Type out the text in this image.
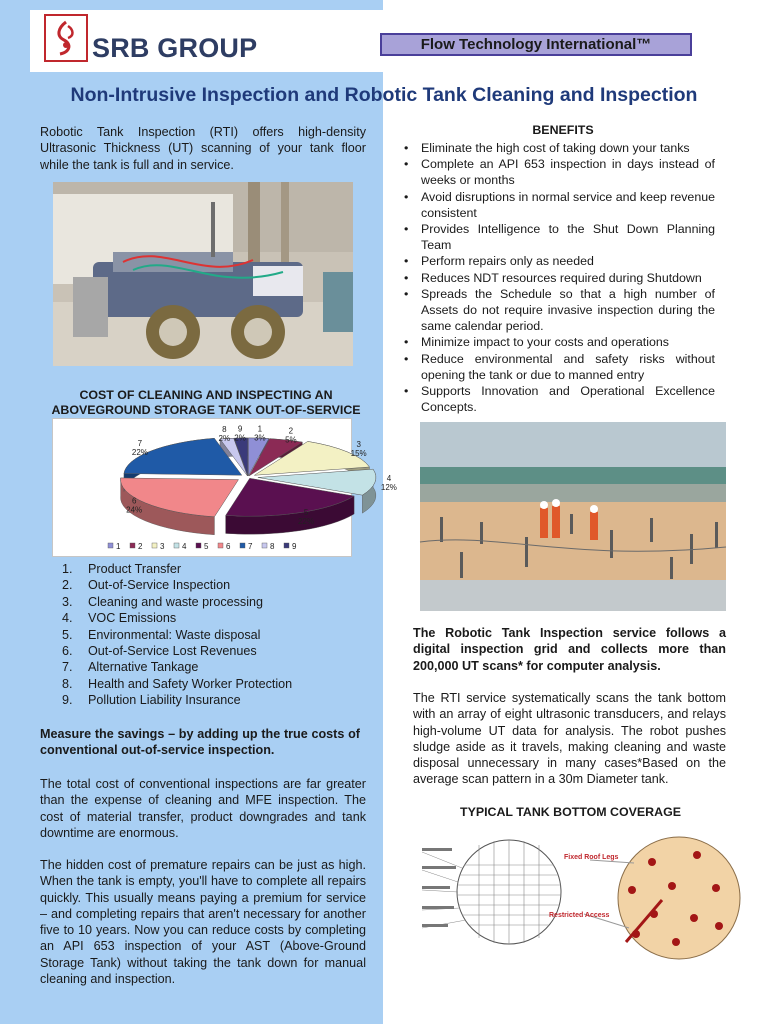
SRB GROUP	Flow Technology International™
Non-Intrusive Inspection and Robotic Tank Cleaning and Inspection

Robotic Tank Inspection (RTI) offers high-density Ultrasonic Thickness (UT) scanning of your tank floor while the tank is full and in service.

COST OF CLEANING AND INSPECTING AN ABOVEGROUND STORAGE TANK OUT-OF-SERVICE
1
3%
2
5%
3
15%
4
12%
5
22%
6
24%
7
22%
8
2%
9
2%
1 2 3 4 5 6 7 8 9
1. Product Transfer
2. Out-of-Service Inspection
3. Cleaning and waste processing
4. VOC Emissions
5. Environmental: Waste disposal
6. Out-of-Service Lost Revenues
7. Alternative Tankage
8. Health and Safety Worker Protection
9. Pollution Liability Insurance

Measure the savings – by adding up the true costs of conventional out-of-service inspection.

The total cost of conventional inspections are far greater than the expense of cleaning and MFE inspection. The cost of material transfer, product downgrades and tank downtime are enormous.

The hidden cost of premature repairs can be just as high. When the tank is empty, you'll have to complete all repairs quickly. This usually means paying a premium for service – and completing repairs that aren't necessary for another five to 10 years. Now you can reduce costs by completing an API 653 inspection of your AST (Above-Ground Storage Tank) without taking the tank down for manual cleaning and inspection.

BENEFITS
• Eliminate the high cost of taking down your tanks
• Complete an API 653 inspection in days instead of weeks or months
• Avoid disruptions in normal service and keep revenue consistent
• Provides Intelligence to the Shut Down Planning Team
• Perform repairs only as needed
• Reduces NDT resources required during Shutdown
• Spreads the Schedule so that a high number of Assets do not require invasive inspection during the same calendar period.
• Minimize impact to your costs and operations
• Reduce environmental and safety risks without opening the tank or due to manned entry
• Supports Innovation and Operational Excellence Concepts.

The Robotic Tank Inspection service follows a digital inspection grid and collects more than 200,000 UT scans* for computer analysis.

The RTI service systematically scans the tank bottom with an array of eight ultrasonic transducers, and relays high-volume UT data for analysis. The robot pushes sludge aside as it travels, making cleaning and waste disposal unnecessary in many cases*Based on the average scan pattern in a 30m Diameter tank.

TYPICAL TANK BOTTOM COVERAGE
Fixed Roof Legs
Restricted Access
